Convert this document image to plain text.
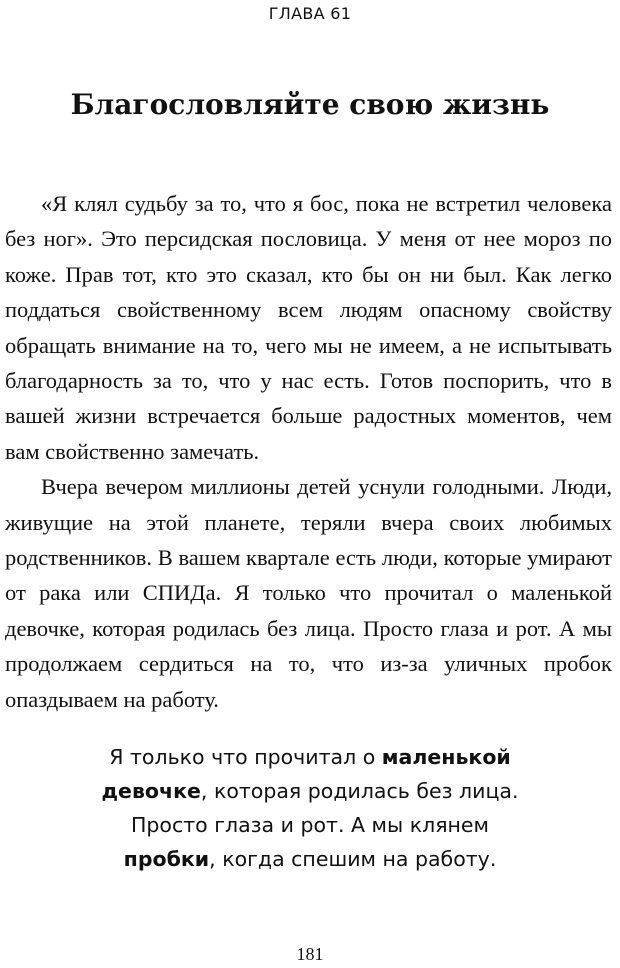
ГЛАВА 61
Благословляйте свою жизнь

«Я клял судьбу за то, что я бос, пока не встретил человека без ног». Это персидская пословица. У меня от нее мороз по коже. Прав тот, кто это сказал, кто бы он ни был. Как легко поддаться свойственному всем людям опасному свойству обращать внимание на то, чего мы не имеем, а не испытывать благодарность за то, что у нас есть. Готов поспорить, что в вашей жизни встречается больше радостных моментов, чем вам свойственно замечать.

Вчера вечером миллионы детей уснули голодными. Люди, живущие на этой планете, теряли вчера своих любимых родственников. В вашем квартале есть люди, которые умирают от рака или СПИДа. Я только что прочитал о маленькой девочке, которая родилась без лица. Просто глаза и рот. А мы продолжаем сердиться на то, что из-за уличных пробок опаздываем на работу.

Я только что прочитал о маленькой
девочке, которая родилась без лица.
Просто глаза и рот. А мы клянем
пробки, когда спешим на работу.
181
